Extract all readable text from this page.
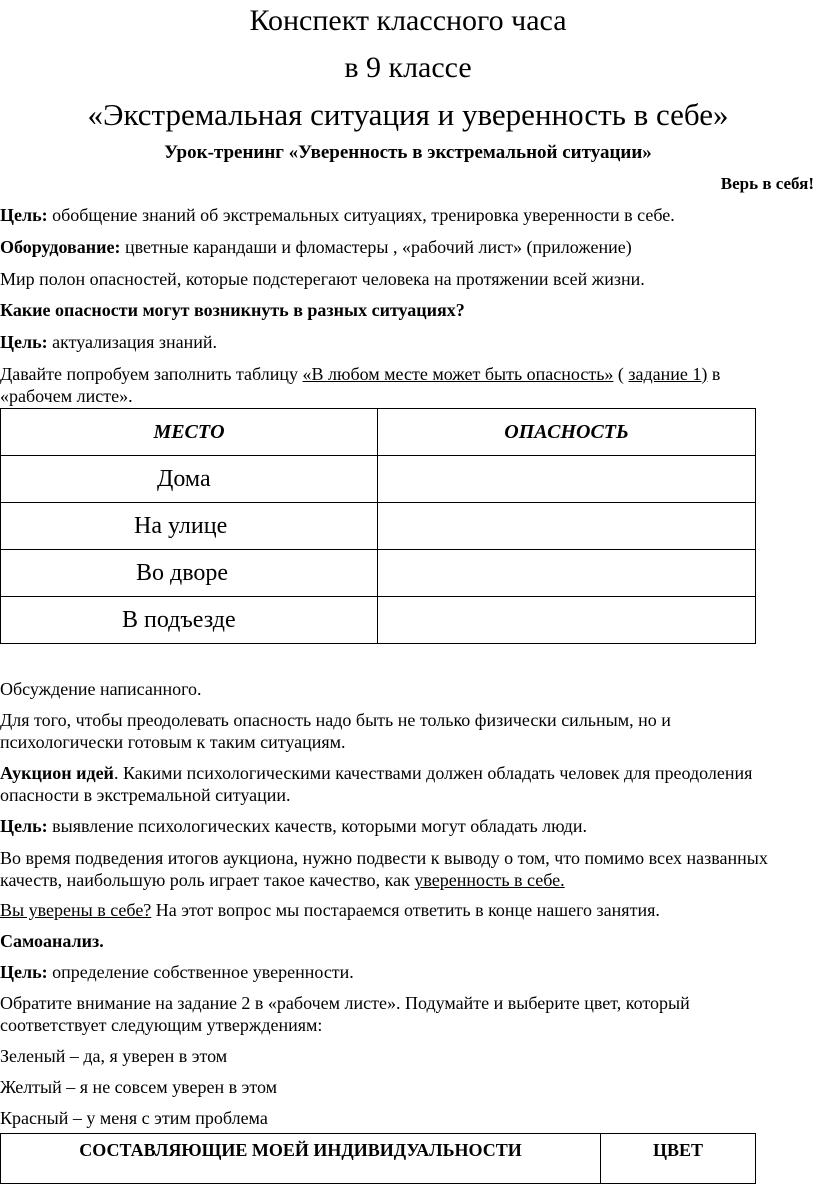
Конспект классного часа
в 9 классе
«Экстремальная ситуация и уверенность в себе»
Урок-тренинг «Уверенность в экстремальной ситуации»
Верь в себя!

Цель: обобщение знаний об экстремальных ситуациях, тренировка уверенности в себе.

Оборудование: цветные карандаши и фломастеры , «рабочий лист» (приложение)

Мир полон опасностей, которые подстерегают человека на протяжении всей жизни.

Какие опасности могут возникнуть в разных ситуациях?

Цель: актуализация знаний.

Давайте попробуем заполнить таблицу «В любом месте может быть опасность» ( задание 1) в

«рабочем листе».

МЕСТО	ОПАСНОСТЬ
Дома	
На улице	
Во дворе	
В подъезде	

Обсуждение написанного.

Для того, чтобы преодолевать опасность надо быть не только физически сильным, но и

психологически готовым к таким ситуациям.

Аукцион идей. Какими психологическими качествами должен обладать человек для преодоления

опасности в экстремальной ситуации.

Цель: выявление психологических качеств, которыми могут обладать люди.

Во время подведения итогов аукциона, нужно подвести к выводу о том, что помимо всех названных

качеств, наибольшую роль играет такое качество, как уверенность в себе.

Вы уверены в себе? На этот вопрос мы постараемся ответить в конце нашего занятия.

Самоанализ.

Цель: определение собственное уверенности.

Обратите внимание на задание 2 в «рабочем листе». Подумайте и выберите цвет, который

соответствует следующим утверждениям:

Зеленый – да, я уверен в этом

Желтый – я не совсем уверен в этом

Красный – у меня с этим проблема

СОСТАВЛЯЮЩИЕ МОЕЙ ИНДИВИДУАЛЬНОСТИ	ЦВЕТ
